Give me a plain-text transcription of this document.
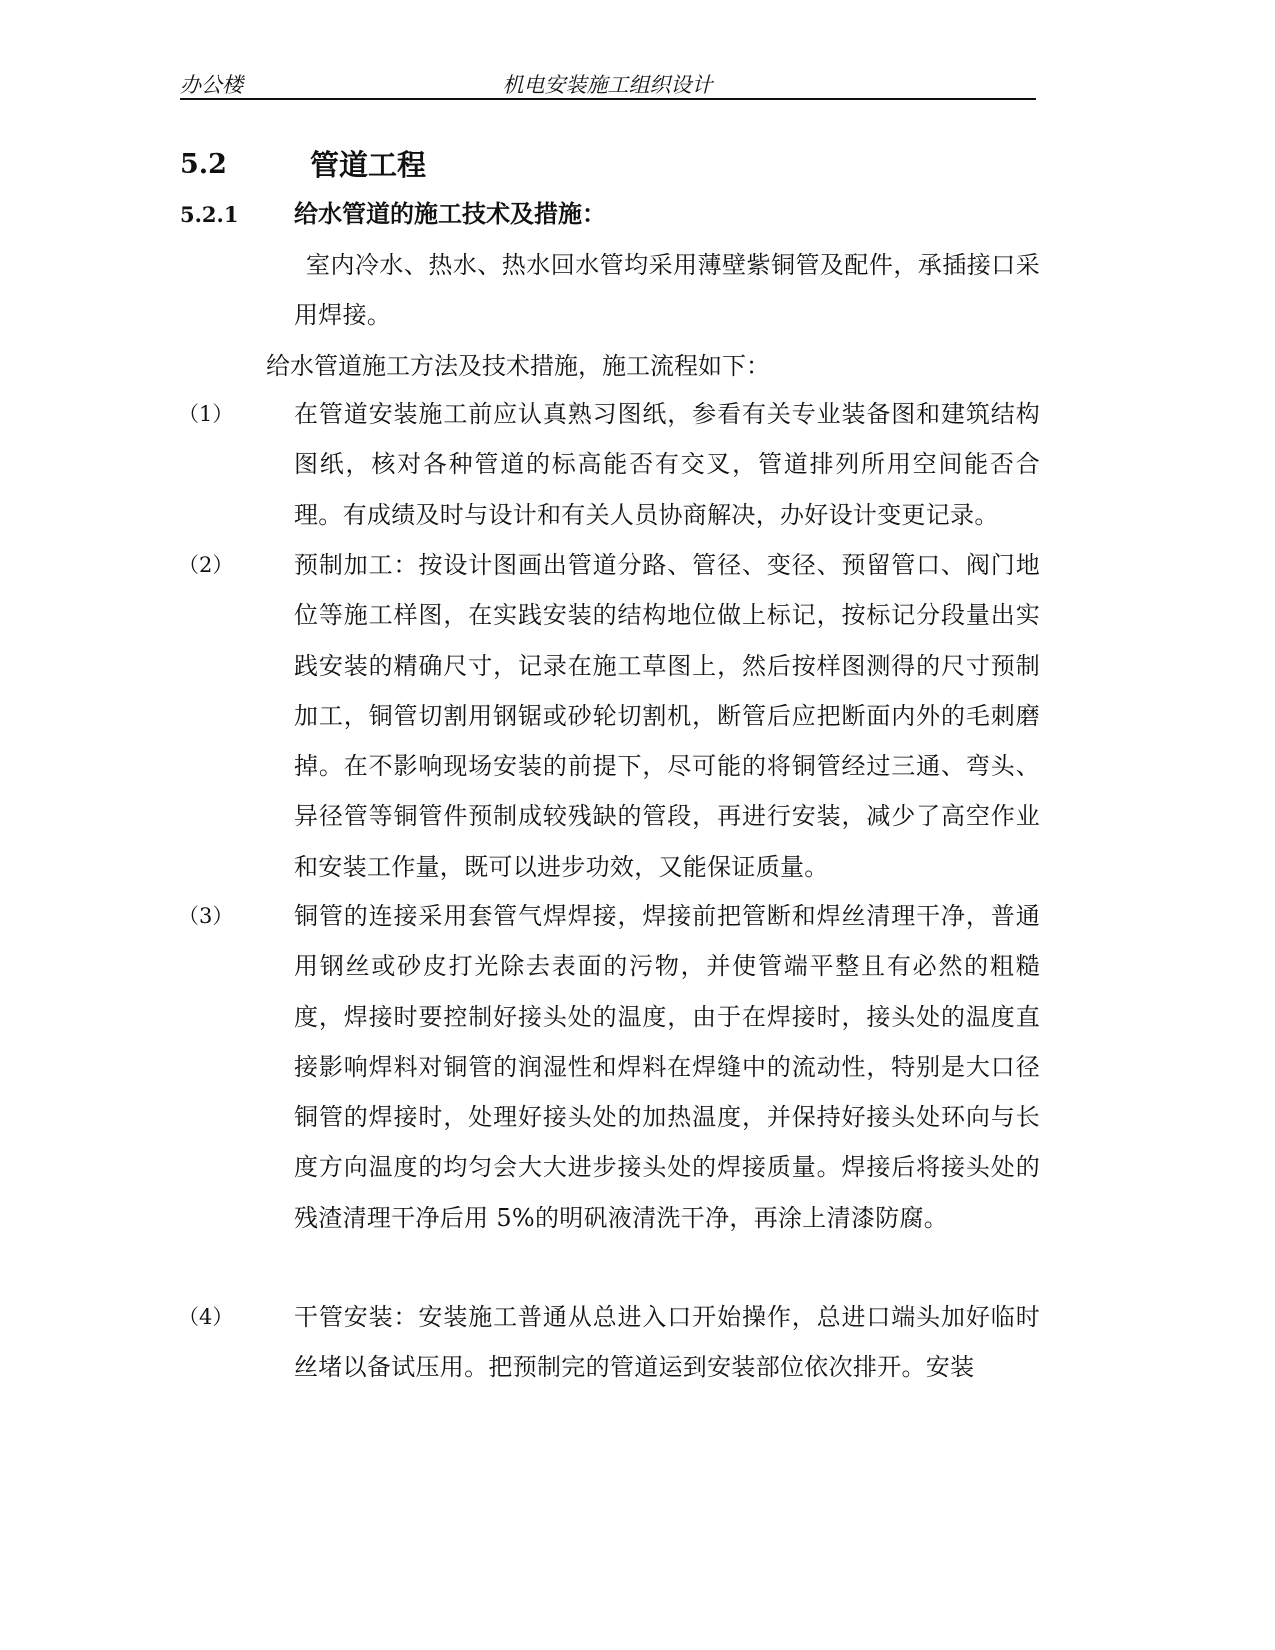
办公楼	机电安装施工组织设计
5.2	管道工程
5.2.1 给水管道的施工技术及措施：
室内冷水、热水、热水回水管均采用薄壁紫铜管及配件，承插接口采用焊接。
给水管道施工方法及技术措施，施工流程如下：
（1）	在管道安装施工前应认真熟习图纸，参看有关专业装备图和建筑结构图纸，核对各种管道的标高能否有交叉，管道排列所用空间能否合理。有成绩及时与设计和有关人员协商解决，办好设计变更记录。
（2）	预制加工：按设计图画出管道分路、管径、变径、预留管口、阀门地位等施工样图，在实践安装的结构地位做上标记，按标记分段量出实践安装的精确尺寸，记录在施工草图上，然后按样图测得的尺寸预制加工，铜管切割用钢锯或砂轮切割机，断管后应把断面内外的毛刺磨掉。在不影响现场安装的前提下，尽可能的将铜管经过三通、弯头、异径管等铜管件预制成较残缺的管段，再进行安装，减少了高空作业和安装工作量，既可以进步功效，又能保证质量。
（3）	铜管的连接采用套管气焊焊接，焊接前把管断和焊丝清理干净，普通用钢丝或砂皮打光除去表面的污物，并使管端平整且有必然的粗糙度，焊接时要控制好接头处的温度，由于在焊接时，接头处的温度直接影响焊料对铜管的润湿性和焊料在焊缝中的流动性，特别是大口径铜管的焊接时，处理好接头处的加热温度，并保持好接头处环向与长度方向温度的均匀会大大进步接头处的焊接质量。焊接后将接头处的残渣清理干净后用 5%的明矾液清洗干净，再涂上清漆防腐。
（4）	干管安装：安装施工普通从总进入口开始操作，总进口端头加好临时丝堵以备试压用。把预制完的管道运到安装部位依次排开。安装
